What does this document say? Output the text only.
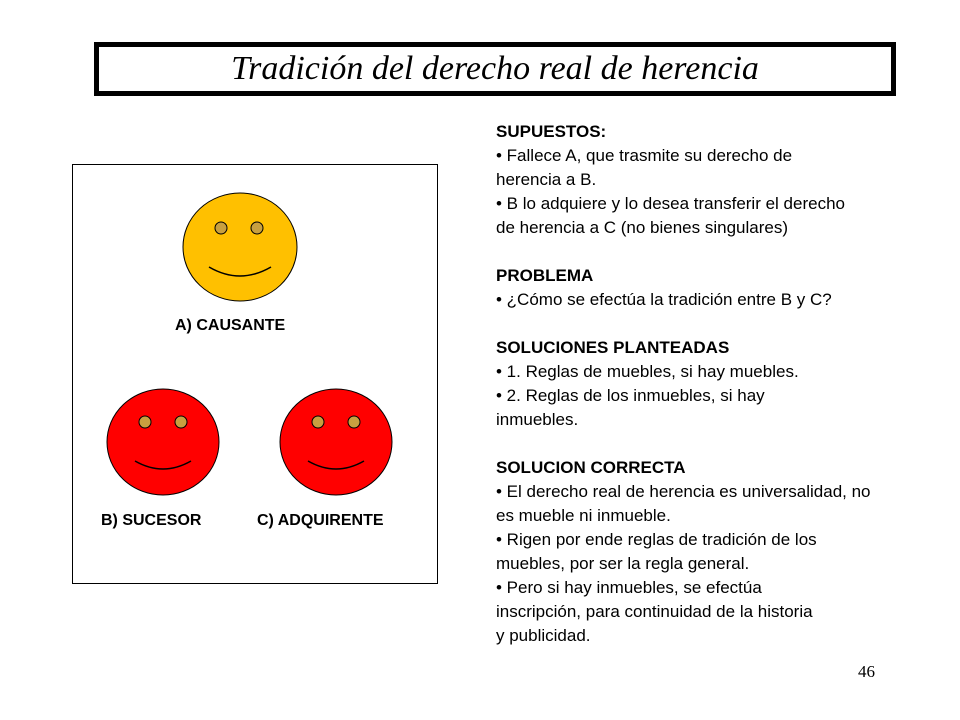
Tradición del derecho real de herencia
A) CAUSANTE
B) SUCESOR	C) ADQUIRENTE

SUPUESTOS:

• Fallece A, que trasmite su derecho de herencia a B.

• B lo adquiere y lo desea transferir el derecho de herencia a C (no bienes singulares)

PROBLEMA

• ¿Cómo se efectúa la tradición entre B y C?

SOLUCIONES PLANTEADAS

• 1. Reglas de muebles, si hay muebles.

• 2. Reglas de los inmuebles, si hay inmuebles.

SOLUCION CORRECTA

• El derecho real de herencia es universalidad, no es mueble ni inmueble.

• Rigen por ende reglas de tradición de los muebles, por ser la regla general.

• Pero si hay inmuebles, se efectúa inscripción, para continuidad de la historia y publicidad.

46
